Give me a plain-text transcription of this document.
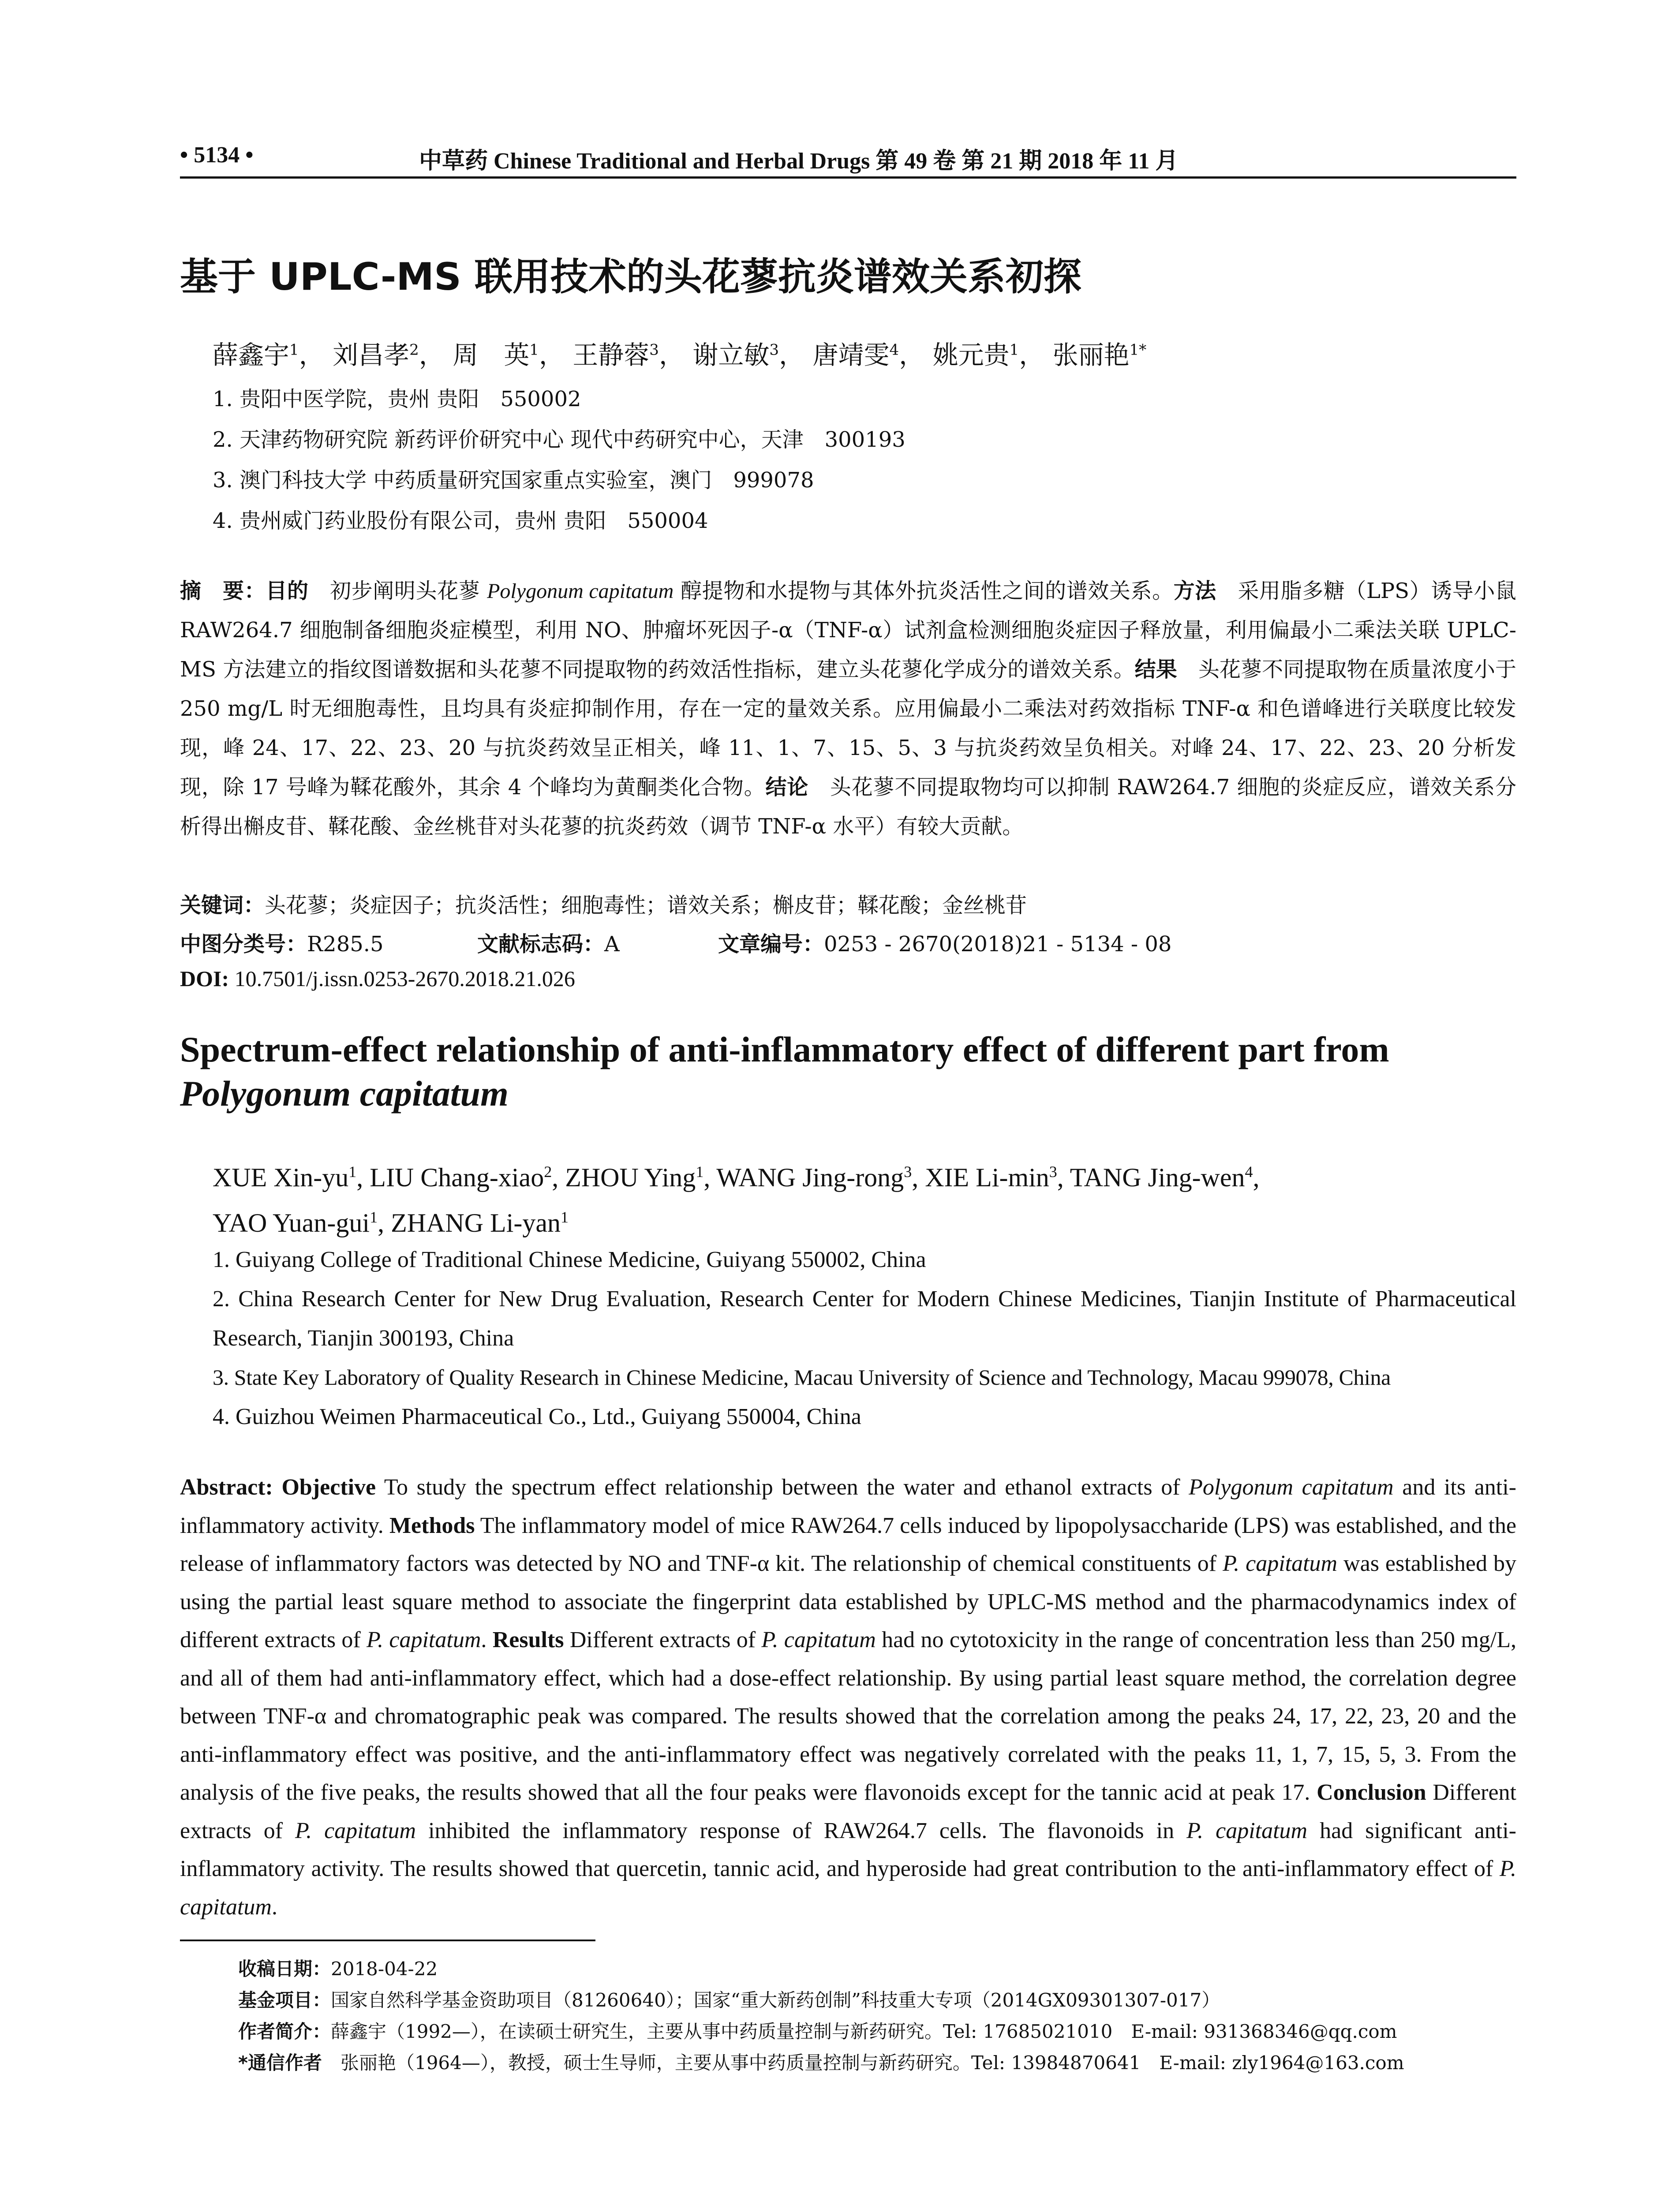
• 5134 •	中草药 Chinese Traditional and Herbal Drugs 第 49 卷 第 21 期 2018 年 11 月
基于 UPLC-MS 联用技术的头花蓼抗炎谱效关系初探
薛鑫宇$^1$， 刘昌孝$^2$， 周　英$^1$， 王静蓉$^3$， 谢立敏$^3$， 唐靖雯$^4$， 姚元贵$^1$， 张丽艳$^{1*}$
1. 贵阳中医学院，贵州 贵阳　550002
2. 天津药物研究院 新药评价研究中心 现代中药研究中心，天津　300193
3. 澳门科技大学 中药质量研究国家重点实验室，澳门　999078
4. 贵州威门药业股份有限公司，贵州 贵阳　550004
摘　要：目的　初步阐明头花蓼 Polygonum capitatum 醇提物和水提物与其体外抗炎活性之间的谱效关系。方法　采用脂多糖（LPS）诱导小鼠 RAW264.7 细胞制备细胞炎症模型，利用 NO、肿瘤坏死因子-α（TNF-α）试剂盒检测细胞炎症因子释放量，利用偏最小二乘法关联 UPLC-MS 方法建立的指纹图谱数据和头花蓼不同提取物的药效活性指标，建立头花蓼化学成分的谱效关系。结果　头花蓼不同提取物在质量浓度小于 250 mg/L 时无细胞毒性，且均具有炎症抑制作用，存在一定的量效关系。应用偏最小二乘法对药效指标 TNF-α 和色谱峰进行关联度比较发现，峰 24、17、22、23、20 与抗炎药效呈正相关，峰 11、1、7、15、5、3 与抗炎药效呈负相关。对峰 24、17、22、23、20 分析发现，除 17 号峰为鞣花酸外，其余 4 个峰均为黄酮类化合物。结论　头花蓼不同提取物均可以抑制 RAW264.7 细胞的炎症反应，谱效关系分析得出槲皮苷、鞣花酸、金丝桃苷对头花蓼的抗炎药效（调节 TNF-α 水平）有较大贡献。
关键词：头花蓼；炎症因子；抗炎活性；细胞毒性；谱效关系；槲皮苷；鞣花酸；金丝桃苷
中图分类号：R285.5	文献标志码：A	文章编号：0253 - 2670(2018)21 - 5134 - 08
DOI: 10.7501/j.issn.0253-2670.2018.21.026
Spectrum-effect relationship of anti-inflammatory effect of different part from
Polygonum capitatum
XUE Xin-$yu^1$, LIU Chang-xiao$^2$, ZHOU Ying$^1$, WANG Jing-rong$^3$, XIE $Li-\min^3$, TANG Jing-wen$^4$,
YAO Yuan-gui$^1$, ZHANG Li-yan$^1$
1. Guiyang College of Traditional Chinese Medicine, Guiyang 550002, China
2. China Research Center for New Drug Evaluation, Research Center for Modern Chinese Medicines, Tianjin Institute of Pharmaceutical Research, Tianjin 300193, China
3. State Key Laboratory of Quality Research in Chinese Medicine, Macau University of Science and Technology, Macau 999078, China
4. Guizhou Weimen Pharmaceutical Co., Ltd., Guiyang 550004, China
Abstract: Objective To study the spectrum effect relationship between the water and ethanol extracts of Polygonum capitatum and its anti-inflammatory activity. Methods The inflammatory model of mice RAW264.7 cells induced by lipopolysaccharide (LPS) was established, and the release of inflammatory factors was detected by NO and TNF-α kit. The relationship of chemical constituents of P. capitatum was established by using the partial least square method to associate the fingerprint data established by UPLC-MS method and the pharmacodynamics index of different extracts of P. capitatum. Results Different extracts of P. capitatum had no cytotoxicity in the range of concentration less than 250 mg/L, and all of them had anti-inflammatory effect, which had a dose-effect relationship. By using partial least square method, the correlation degree between TNF-α and chromatographic peak was compared. The results showed that the correlation among the peaks 24, 17, 22, 23, 20 and the anti-inflammatory effect was positive, and the anti-inflammatory effect was negatively correlated with the peaks 11, 1, 7, 15, 5, 3. From the analysis of the five peaks, the results showed that all the four peaks were flavonoids except for the tannic acid at peak 17. Conclusion Different extracts of P. capitatum inhibited the inflammatory response of RAW264.7 cells. The flavonoids in P. capitatum had significant anti-inflammatory activity. The results showed that quercetin, tannic acid, and hyperoside had great contribution to the anti-inflammatory effect of P. capitatum.
收稿日期：2018-04-22
基金项目：国家自然科学基金资助项目（81260640）；国家“重大新药创制”科技重大专项（2014GX09301307-017）
作者简介：薛鑫宇（1992—），在读硕士研究生，主要从事中药质量控制与新药研究。Tel: 17685021010　E-mail: 931368346@qq.com
*通信作者　张丽艳（1964—），教授，硕士生导师，主要从事中药质量控制与新药研究。Tel: 13984870641　E-mail: zly1964@163.com
